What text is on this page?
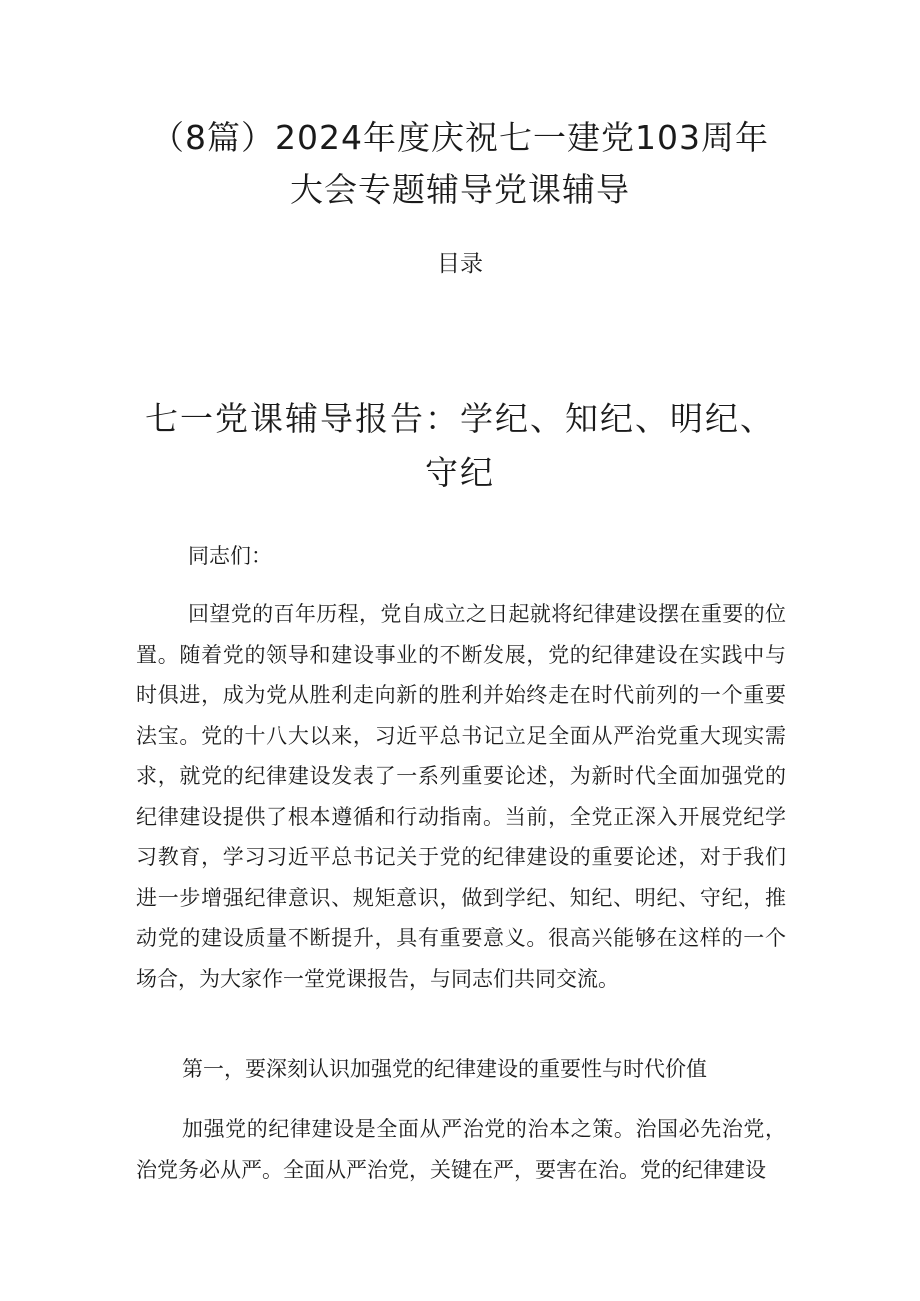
（8篇）2024年度庆祝七一建党103周年
大会专题辅导党课辅导
目录
七一党课辅导报告：学纪、知纪、明纪、
守纪
同志们：
回望党的百年历程，党自成立之日起就将纪律建设摆在重要的位置。随着党的领导和建设事业的不断发展，党的纪律建设在实践中与时俱进，成为党从胜利走向新的胜利并始终走在时代前列的一个重要法宝。党的十八大以来，习近平总书记立足全面从严治党重大现实需求，就党的纪律建设发表了一系列重要论述，为新时代全面加强党的纪律建设提供了根本遵循和行动指南。当前，全党正深入开展党纪学习教育，学习习近平总书记关于党的纪律建设的重要论述，对于我们进一步增强纪律意识、规矩意识，做到学纪、知纪、明纪、守纪，推动党的建设质量不断提升，具有重要意义。很高兴能够在这样的一个场合，为大家作一堂党课报告，与同志们共同交流。
第一，要深刻认识加强党的纪律建设的重要性与时代价值
加强党的纪律建设是全面从严治党的治本之策。治国必先治党，治党务必从严。全面从严治党，关键在严，要害在治。党的纪律建设
